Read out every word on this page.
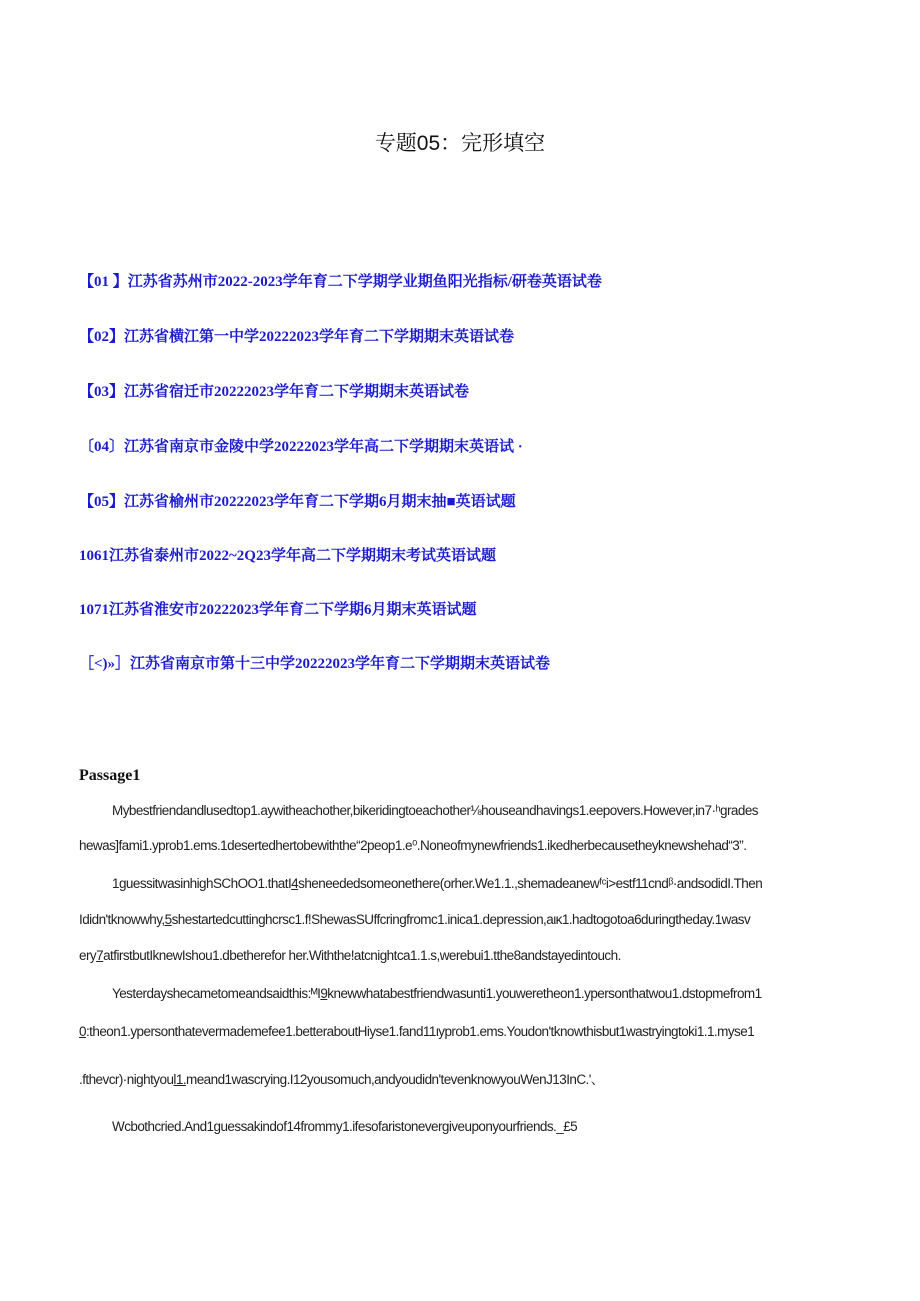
专题05：完形填空
【01 】江苏省苏州市2022-2023学年育二下学期学业期鱼阳光指标/研卷英语试卷
【02】江苏省横江第一中学20222023学年育二下学期期末英语试卷
【03】江苏省宿迁市20222023学年育二下学期期末英语试卷
〔04〕江苏省南京市金陵中学20222023学年高二下学期期末英语试 ·
【05】江苏省榆州市20222023学年育二下学期6月期末抽■英语试题
1061江苏省泰州市2022~2Q23学年高二下学期期末考试英语试题
1071江苏省淮安市20222023学年育二下学期6月期末英语试题
［<)»］江苏省南京市第十三中学20222023学年育二下学期期末英语试卷
Passage1
Mybestfriendandlusedtop1.aywitheachother,bikeridingtoeachother⅛houseandhavings1.eepovers.However,in7·ʰgrades
hewas]fami1.yprob1.ems.1desertedhertobewiththe“2peop1.e⁰.Noneofmynewfriends1.ikedherbecausetheyknewshehad“3”.
1guessitwasinhighSChOO1.thatI4sheneededsomeonethere(orher.We1.1.,shemadeanewᶠᶜi>estf11cndᵝ·andsodidI.Then
Ididn'tknowwhy,5shestartedcuttinghcrsc1.f!ShewasSUffcringfromc1.inica1.depression,aικ1.hadtogotoa6duringtheday.1wasv
ery7atfirstbutIknewIshou1.dbetherefor her.Withthe!atcnightca1.1.s,werebui1.tthe8andstayedintouch.
Yesterdayshecametomeandsaidthis:ᴹI9knewwhatabestfriendwasunti1.youweretheon1.ypersonthatwou1.dstopmefrom1
0:theon1.ypersonthatevermademefee1.betteraboutHiyse1.fand11ιyprob1.ems.Youdon'tknowthisbut1wastryingtoki1.1.myse1
.fthevcr)·nightyoul1.meand1wascrying.I12yousomuch,andyoudidn'tevenknowyouWenJ13InC.'、
Wcbothcried.And1guessakindof14frommy1.ifesofaristonevergiveuponyourfriends._£5
